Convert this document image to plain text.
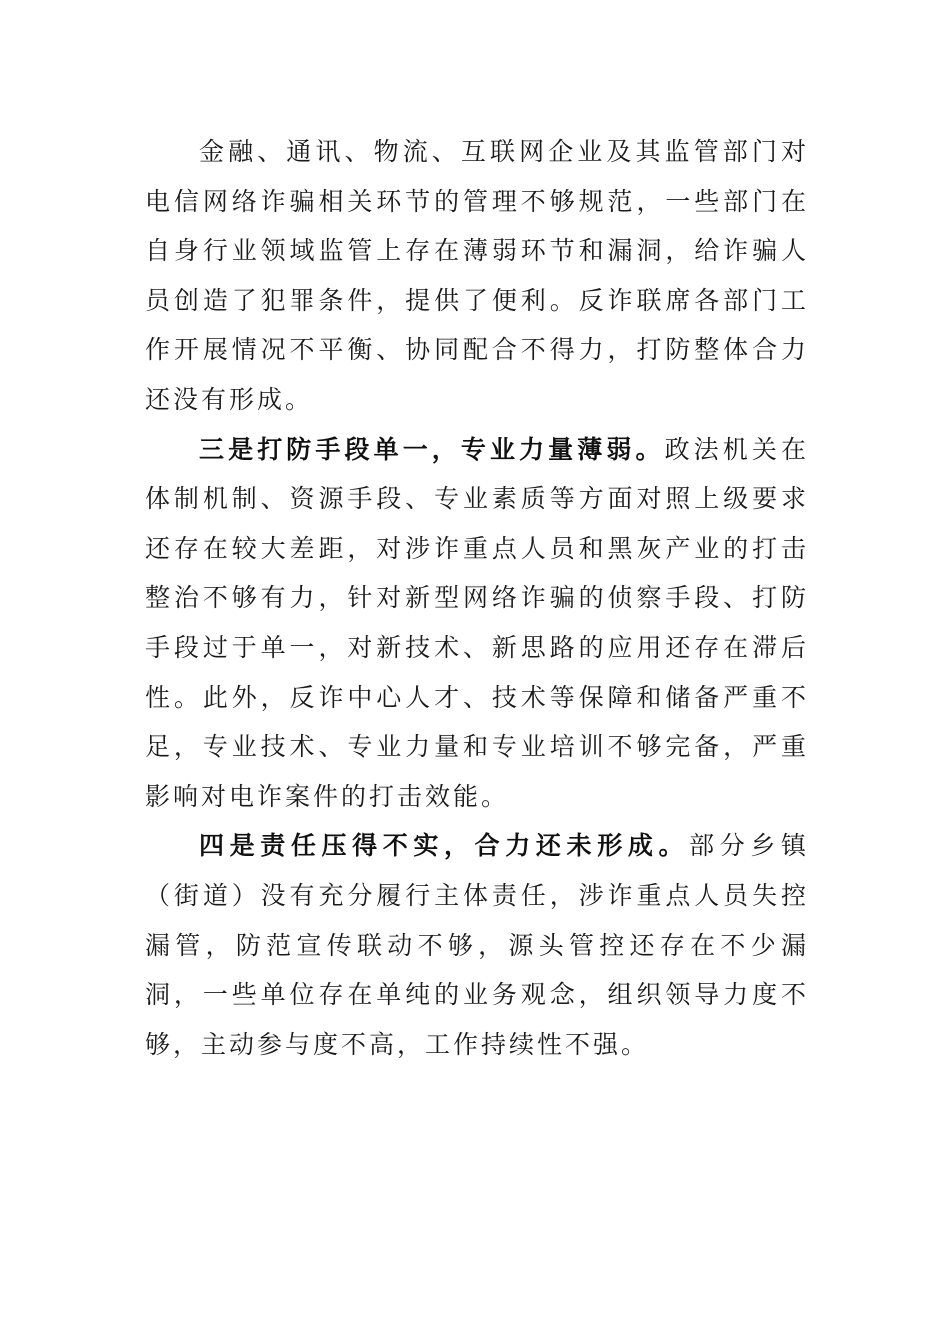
金融、通讯、物流、互联网企业及其监管部门对电信网络诈骗相关环节的管理不够规范，一些部门在自身行业领域监管上存在薄弱环节和漏洞，给诈骗人员创造了犯罪条件，提供了便利。反诈联席各部门工作开展情况不平衡、协同配合不得力，打防整体合力还没有形成。

三是打防手段单一，专业力量薄弱。政法机关在体制机制、资源手段、专业素质等方面对照上级要求还存在较大差距，对涉诈重点人员和黑灰产业的打击整治不够有力，针对新型网络诈骗的侦察手段、打防手段过于单一，对新技术、新思路的应用还存在滞后性。此外，反诈中心人才、技术等保障和储备严重不足，专业技术、专业力量和专业培训不够完备，严重影响对电诈案件的打击效能。

四是责任压得不实，合力还未形成。部分乡镇（街道）没有充分履行主体责任，涉诈重点人员失控漏管，防范宣传联动不够，源头管控还存在不少漏洞，一些单位存在单纯的业务观念，组织领导力度不够，主动参与度不高，工作持续性不强。
